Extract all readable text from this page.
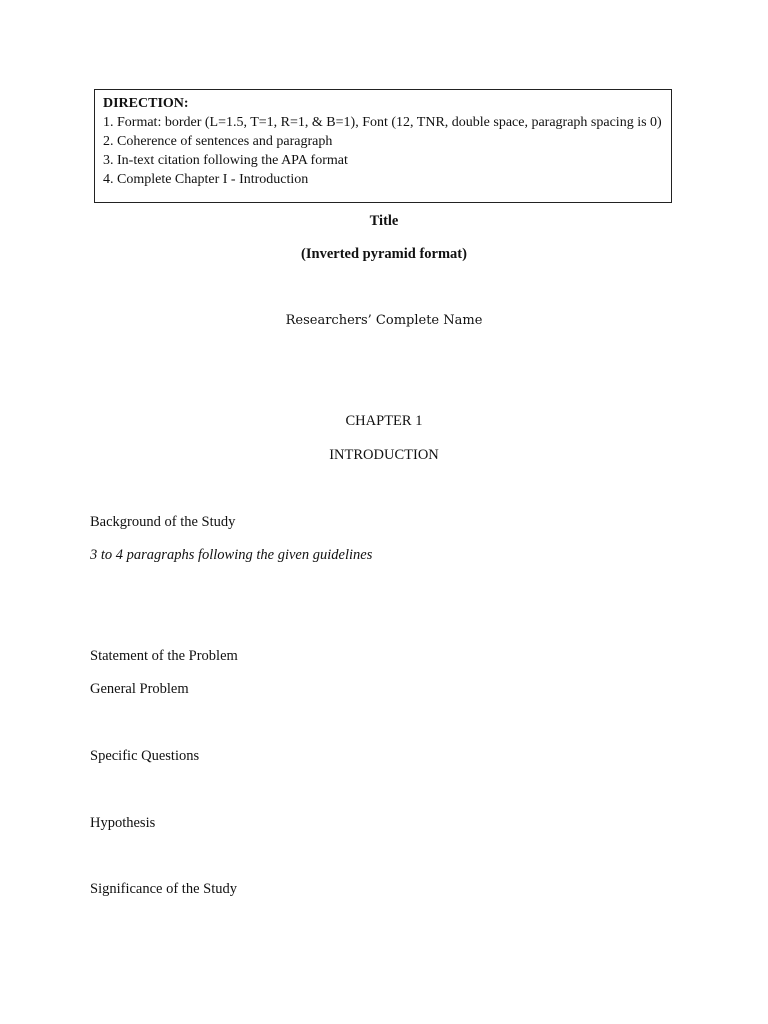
DIRECTION:
1. Format: border (L=1.5, T=1, R=1, & B=1), Font (12, TNR, double space, paragraph spacing is 0)
2. Coherence of sentences and paragraph
3. In-text citation following the APA format
4. Complete Chapter I - Introduction
Title
(Inverted pyramid format)
Researchers’ Complete Name
CHAPTER 1
INTRODUCTION
Background of the Study
3 to 4 paragraphs following the given guidelines
Statement of the Problem
General Problem
Specific Questions
Hypothesis
Significance of the Study
